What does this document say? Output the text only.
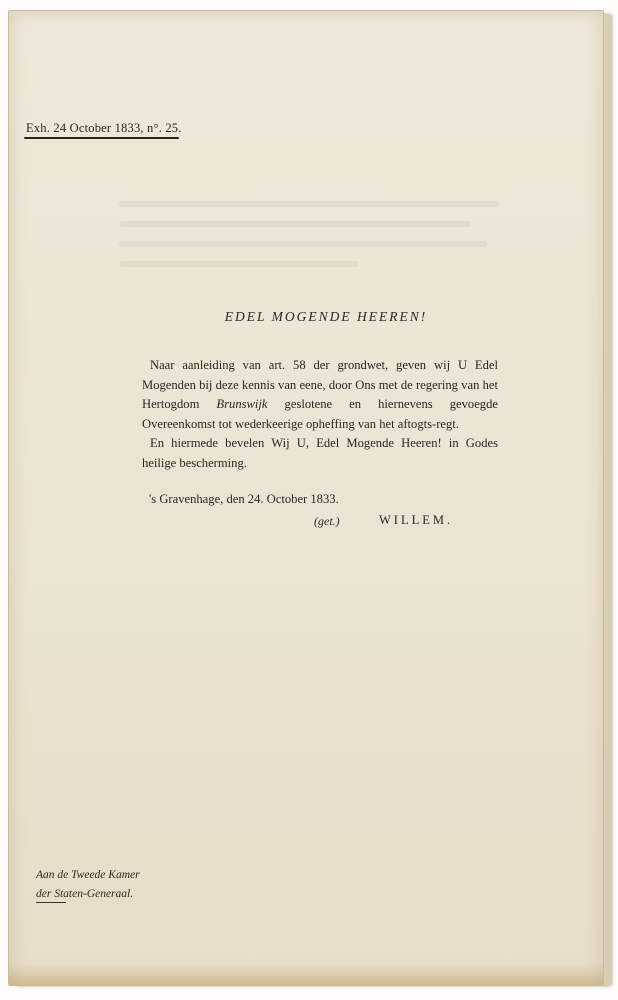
Exh. 24 October 1833, n°. 25.
EDEL MOGENDE HEEREN!

Naar aanleiding van art. 58 der grondwet, geven wij U Edel Mogenden bij deze kennis van eene, door Ons met de regering van het Hertogdom Brunswijk geslotene en hiernevens gevoegde Overeenkomst tot wederkeerige opheffing van het aftogts-regt.

En hiermede bevelen Wij U, Edel Mogende Heeren! in Godes heilige bescherming.

's Gravenhage, den 24. October 1833.
(get.)	WILLEM.
Aan de Tweede Kamer
der Staten-Generaal.
